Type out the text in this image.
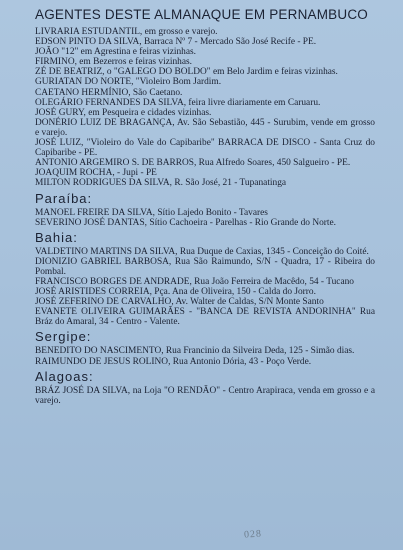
AGENTES DESTE ALMANAQUE EM PERNAMBUCO

LIVRARIA ESTUDANTIL, em grosso e varejo.

EDSON PINTO DA SILVA, Barraca Nº 7 - Mercado São José Recife - PE.

JOÃO "12" em Agrestina e feiras vizinhas.

FIRMINO, em Bezerros e feiras vizinhas.

ZÉ DE BEATRIZ, o "GALEGO DO BOLDO" em Belo Jardim e feiras vizinhas.

GURIATAN DO NORTE, "Violeiro Bom Jardim.

CAETANO HERMÍNIO, São Caetano.

OLEGÁRIO FERNANDES DA SILVA, feira livre diariamente em Caruaru.

JOSÉ GURY, em Pesqueira e cidades vizinhas.

DONÉRIO LUIZ DE BRAGANÇA, Av. São Sebastião, 445 - Surubim, vende em grosso e varejo.

JOSÉ LUIZ, "Violeiro do Vale do Capibaribe" BARRACA DE DISCO - Santa Cruz do Capibaribe - PE.

ANTONIO ARGEMIRO S. DE BARROS, Rua Alfredo Soares, 450 Salgueiro - PE.

JOAQUIM ROCHA, - Jupi - PE

MILTON RODRIGUES DA SILVA, R. São José, 21 - Tupanatinga

Paraíba:

MANOEL FREIRE DA SILVA, Sítio Lajedo Bonito - Tavares

SEVERINO JOSÉ DANTAS, Sítio Cachoeira - Parelhas - Rio Grande do Norte.

Bahia:

VALDETINO MARTINS DA SILVA, Rua Duque de Caxias, 1345 - Conceição do Coité.

DIONIZIO GABRIEL BARBOSA, Rua São Raimundo, S/N - Quadra, 17 - Ribeira do Pombal.

FRANCISCO BORGES DE ANDRADE, Rua João Ferreira de Macêdo, 54 - Tucano

JOSÉ ARISTIDES CORREIA, Pça. Ana de Oliveira, 150 - Calda do Jorro.

JOSÉ ZEFERINO DE CARVALHO, Av. Walter de Caldas, S/N Monte Santo

EVANETE OLIVEIRA GUIMARÃES - "BANCA DE REVISTA ANDORINHA" Rua Bráz do Amaral, 34 - Centro - Valente.

Sergipe:

BENEDITO DO NASCIMENTO, Rua Francinio da Silveira Deda, 125 - Simão dias.

RAIMUNDO DE JESUS ROLINO, Rua Antonio Dória, 43 - Poço Verde.

Alagoas:

BRÁZ JOSÉ DA SILVA, na Loja "O RENDÃO" - Centro Arapiraca, venda em grosso e a varejo.

028
